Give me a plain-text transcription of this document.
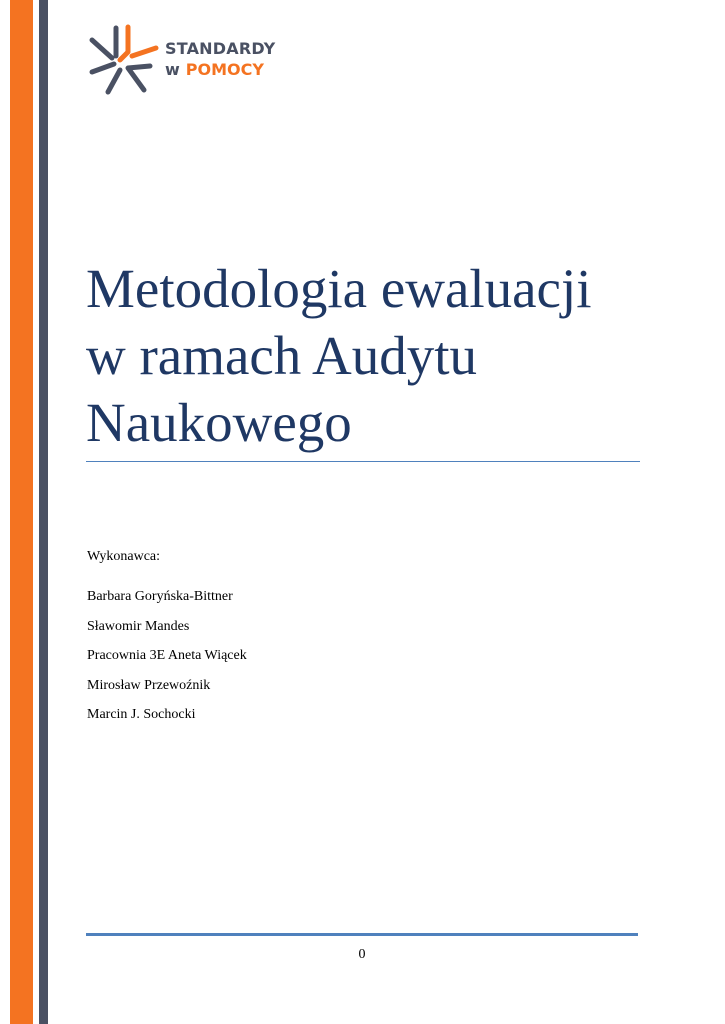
STANDARDY
w POMOCY
Metodologia ewaluacji
w ramach Audytu
Naukowego
Wykonawca:
Barbara Goryńska-Bittner
Sławomir Mandes
Pracownia 3E Aneta Wiącek
Mirosław Przewoźnik
Marcin J. Sochocki
0
